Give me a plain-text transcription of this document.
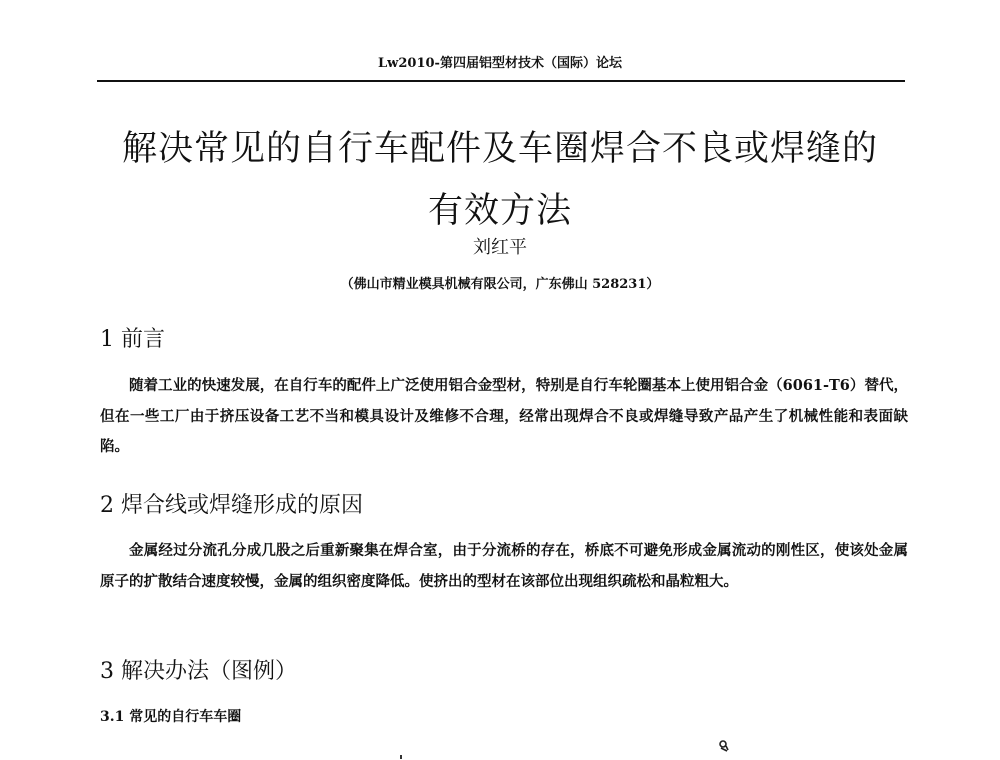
Lw2010-第四届铝型材技术（国际）论坛
解决常见的自行车配件及车圈焊合不良或焊缝的
有效方法
刘红平
（佛山市精业模具机械有限公司，广东佛山 528231）
1 前言
随着工业的快速发展，在自行车的配件上广泛使用铝合金型材，特别是自行车轮圈基本上使用铝合金（6061-T6）替代，但在一些工厂由于挤压设备工艺不当和模具设计及维修不合理，经常出现焊合不良或焊缝导致产品产生了机械性能和表面缺陷。
2 焊合线或焊缝形成的原因
金属经过分流孔分成几股之后重新聚集在焊合室，由于分流桥的存在，桥底不可避免形成金属流动的刚性区，使该处金属原子的扩散结合速度较慢，金属的组织密度降低。使挤出的型材在该部位出现组织疏松和晶粒粗大。
3 解决办法（图例）
3.1 常见的自行车车圈
